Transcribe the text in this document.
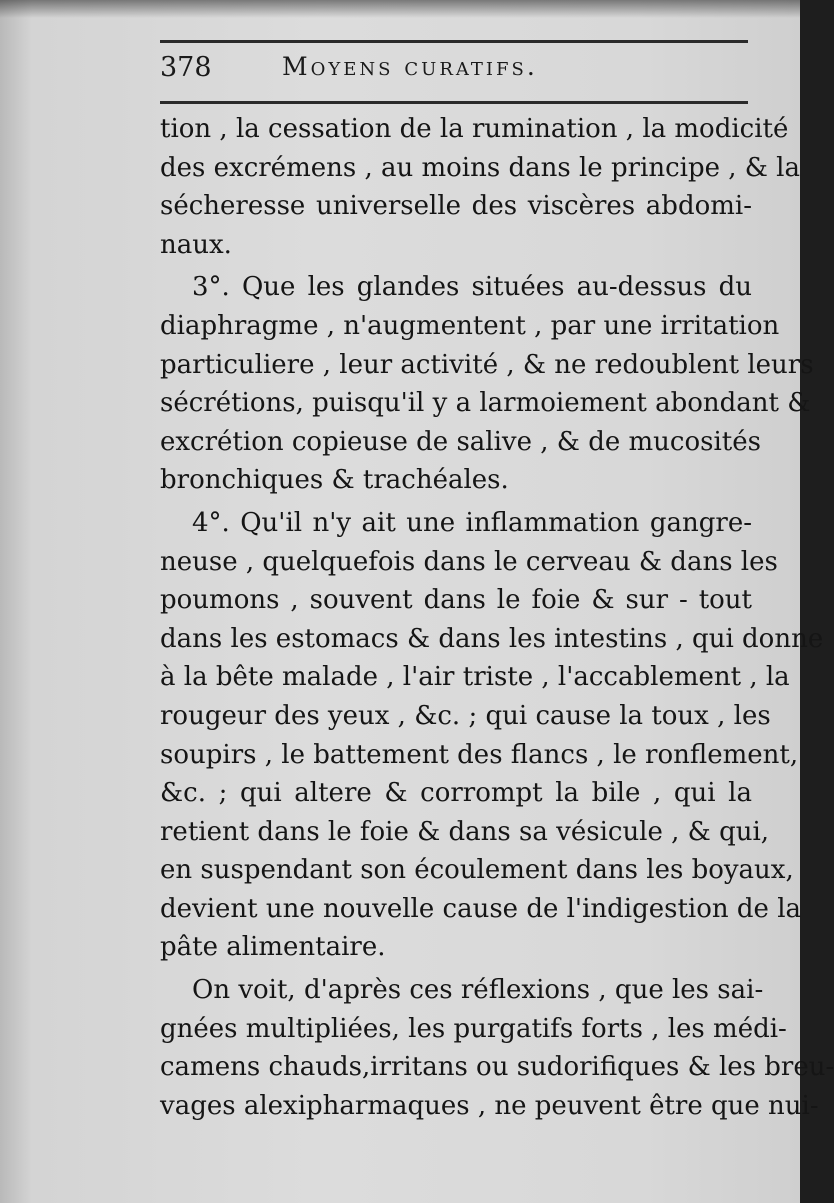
378	Moyens curatifs.
tion , la cessation de la rumination , la modicité
des excrémens , au moins dans le principe , & la
sécheresse universelle des viscères abdomi-
naux.
3°. Que les glandes situées au-dessus du
diaphragme , n'augmentent , par une irritation
particuliere , leur activité , & ne redoublent leurs
sécrétions, puisqu'il y a larmoiement abondant &
excrétion copieuse de salive , & de mucosités
bronchiques & trachéales.
4°. Qu'il n'y ait une inflammation gangre-
neuse , quelquefois dans le cerveau & dans les
poumons , souvent dans le foie & sur - tout
dans les estomacs & dans les intestins , qui donne
à la bête malade , l'air triste , l'accablement , la
rougeur des yeux , &c. ; qui cause la toux , les
soupirs , le battement des flancs , le ronflement,
&c. ; qui altere & corrompt la bile , qui la
retient dans le foie & dans sa vésicule , & qui,
en suspendant son écoulement dans les boyaux,
devient une nouvelle cause de l'indigestion de la
pâte alimentaire.
On voit, d'après ces réflexions , que les sai-
gnées multipliées, les purgatifs forts , les médi-
camens chauds,irritans ou sudorifiques & les breu-
vages alexipharmaques , ne peuvent être que nui-
